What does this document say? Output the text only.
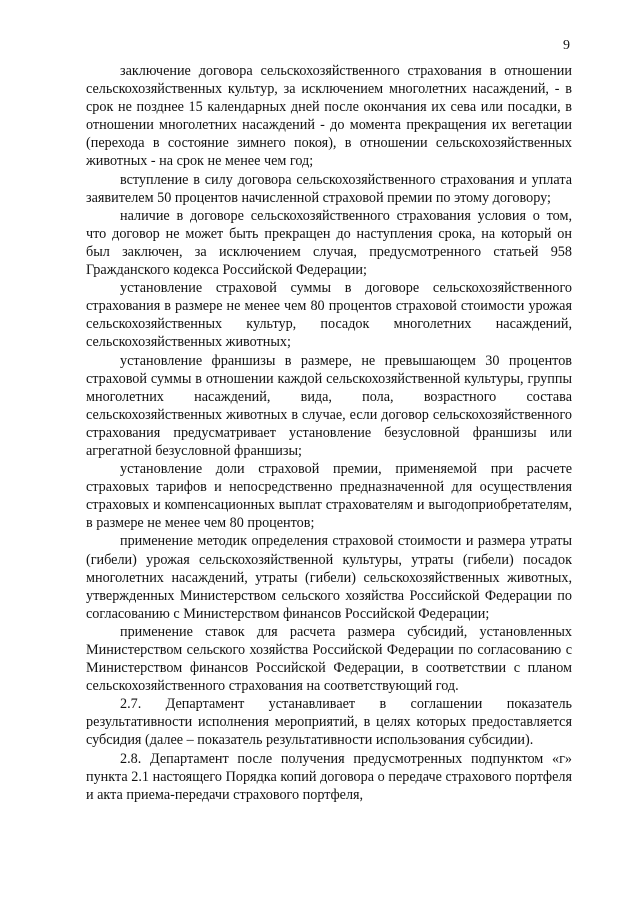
9

заключение договора сельскохозяйственного страхования в отношении сельскохозяйственных культур, за исключением многолетних насаждений, - в срок не позднее 15 календарных дней после окончания их сева или посадки, в отношении многолетних насаждений - до момента прекращения их вегетации (перехода в состояние зимнего покоя), в отношении сельскохозяйственных животных - на срок не менее чем год;

вступление в силу договора сельскохозяйственного страхования и уплата заявителем 50 процентов начисленной страховой премии по этому договору;

наличие в договоре сельскохозяйственного страхования условия о том, что договор не может быть прекращен до наступления срока, на который он был заключен, за исключением случая, предусмотренного статьей 958 Гражданского кодекса Российской Федерации;

установление страховой суммы в договоре сельскохозяйственного страхования в размере не менее чем 80 процентов страховой стоимости урожая сельскохозяйственных культур, посадок многолетних насаждений, сельскохозяйственных животных;

установление франшизы в размере, не превышающем 30 процентов страховой суммы в отношении каждой сельскохозяйственной культуры, группы многолетних насаждений, вида, пола, возрастного состава сельскохозяйственных животных в случае, если договор сельскохозяйственного страхования предусматривает установление безусловной франшизы или агрегатной безусловной франшизы;

установление доли страховой премии, применяемой при расчете страховых тарифов и непосредственно предназначенной для осуществления страховых и компенсационных выплат страхователям и выгодоприобретателям, в размере не менее чем 80 процентов;

применение методик определения страховой стоимости и размера утраты (гибели) урожая сельскохозяйственной культуры, утраты (гибели) посадок многолетних насаждений, утраты (гибели) сельскохозяйственных животных, утвержденных Министерством сельского хозяйства Российской Федерации по согласованию с Министерством финансов Российской Федерации;

применение ставок для расчета размера субсидий, установленных Министерством сельского хозяйства Российской Федерации по согласованию с Министерством финансов Российской Федерации, в соответствии с планом сельскохозяйственного страхования на соответствующий год.

2.7. Департамент устанавливает в соглашении показатель результативности исполнения мероприятий, в целях которых предоставляется субсидия (далее – показатель результативности использования субсидии).

2.8. Департамент после получения предусмотренных подпунктом «г» пункта 2.1 настоящего Порядка копий договора о передаче страхового портфеля и акта приема-передачи страхового портфеля,
